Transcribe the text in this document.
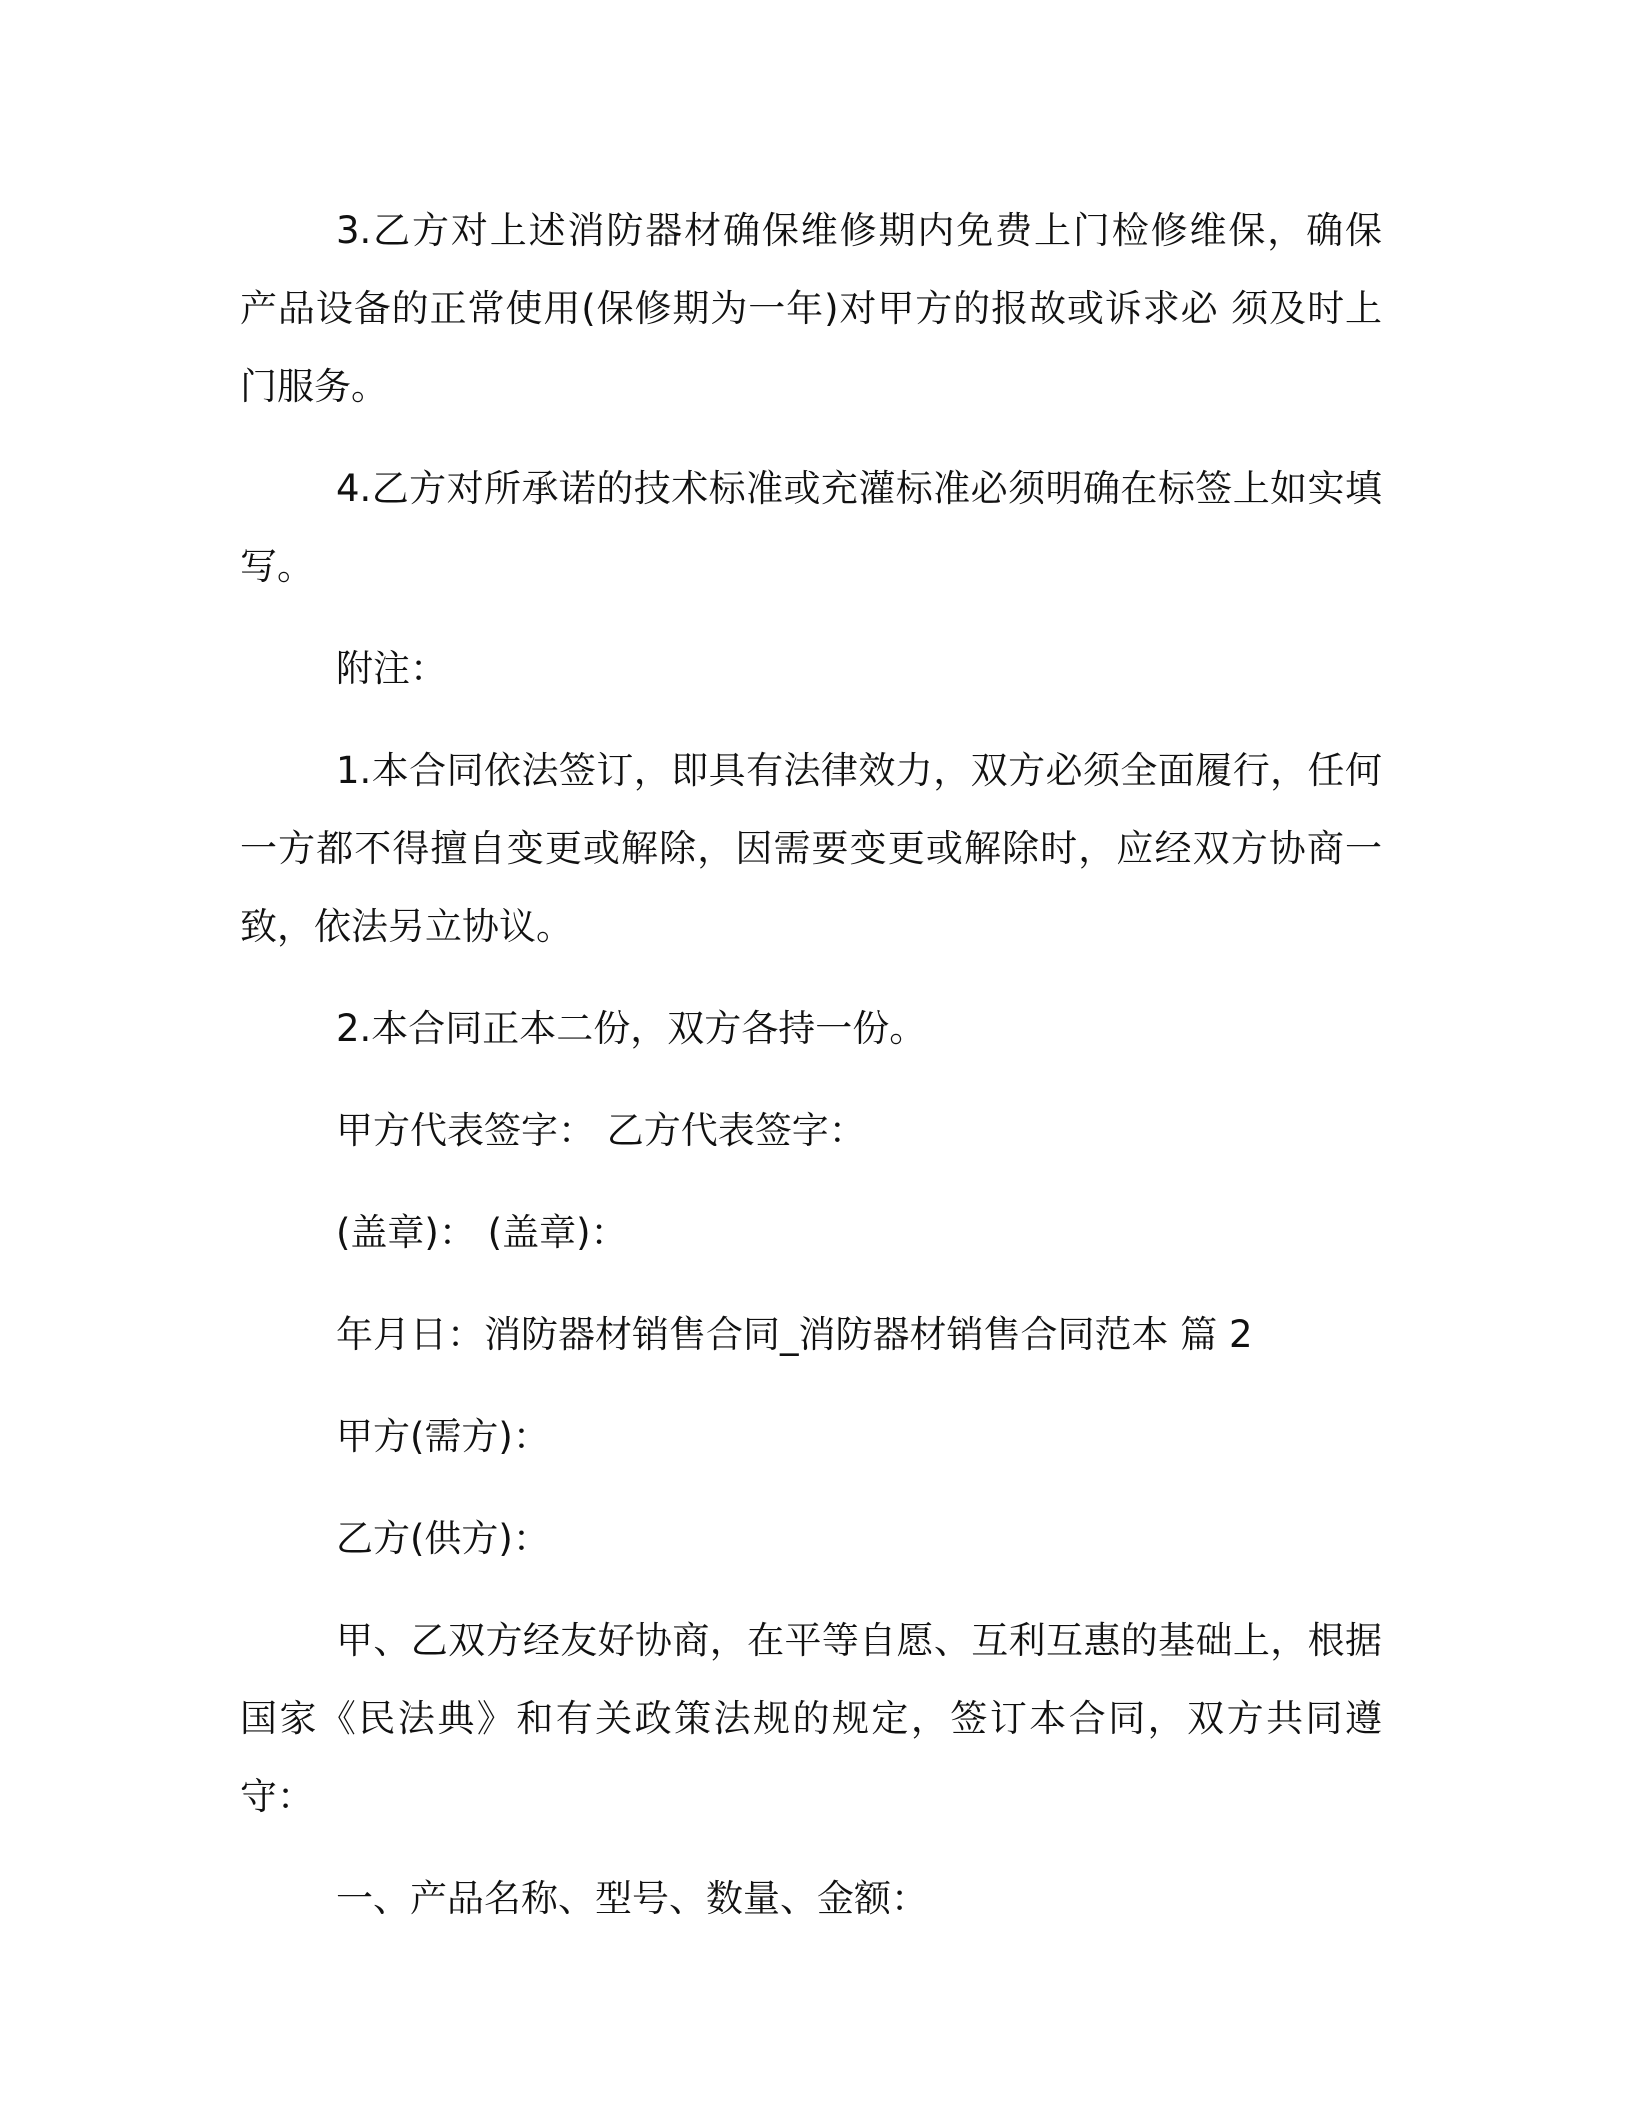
3.乙方对上述消防器材确保维修期内免费上门检修维保，确保 产品设备的正常使用(保修期为一年)对甲方的报故或诉求必 须及时上门服务。

4.乙方对所承诺的技术标准或充灌标准必须明确在标签上如实填写。

附注：

1.本合同依法签订，即具有法律效力，双方必须全面履行，任何一方都不得擅自变更或解除，因需要变更或解除时，应经双方协商一致，依法另立协议。

2.本合同正本二份，双方各持一份。

甲方代表签字： 乙方代表签字：

(盖章)： (盖章)：

年月日：消防器材销售合同_消防器材销售合同范本 篇 2

甲方(需方)：

乙方(供方)：

甲、乙双方经友好协商，在平等自愿、互利互惠的基础上，根据国家《民法典》和有关政策法规的规定，签订本合同，双方共同遵守：

一、产品名称、型号、数量、金额：
